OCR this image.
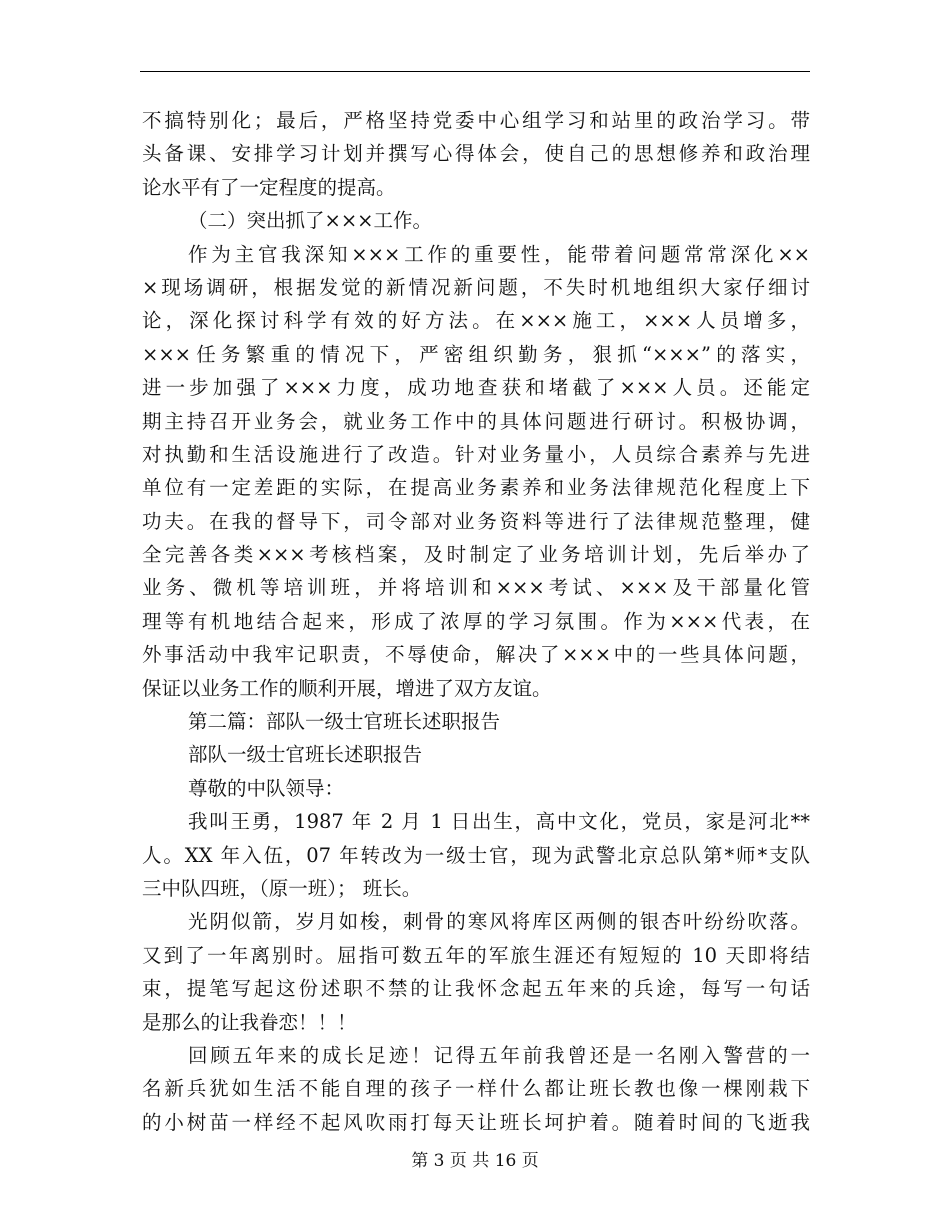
不搞特别化；最后，严格坚持党委中心组学习和站里的政治学习。带
头备课、安排学习计划并撰写心得体会，使自己的思想修养和政治理
论水平有了一定程度的提高。
（二）突出抓了×××工作。
作为主官我深知×××工作的重要性，能带着问题常常深化××
×现场调研，根据发觉的新情况新问题，不失时机地组织大家仔细讨
论，深化探讨科学有效的好方法。在×××施工，×××人员增多，
×××任务繁重的情况下，严密组织勤务，狠抓“×××”的落实，
进一步加强了×××力度，成功地查获和堵截了×××人员。还能定
期主持召开业务会，就业务工作中的具体问题进行研讨。积极协调，
对执勤和生活设施进行了改造。针对业务量小，人员综合素养与先进
单位有一定差距的实际，在提高业务素养和业务法律规范化程度上下
功夫。在我的督导下，司令部对业务资料等进行了法律规范整理，健
全完善各类×××考核档案，及时制定了业务培训计划，先后举办了
业务、微机等培训班，并将培训和×××考试、×××及干部量化管
理等有机地结合起来，形成了浓厚的学习氛围。作为×××代表，在
外事活动中我牢记职责，不辱使命，解决了×××中的一些具体问题，
保证以业务工作的顺利开展，增进了双方友谊。
第二篇：部队一级士官班长述职报告
部队一级士官班长述职报告
尊敬的中队领导：
我叫王勇，1987 年 2 月 1 日出生，高中文化，党员，家是河北**
人。XX 年入伍，07 年转改为一级士官，现为武警北京总队第*师*支队
三中队四班，（原一班）； 班长。
光阴似箭，岁月如梭，刺骨的寒风将库区两侧的银杏叶纷纷吹落。
又到了一年离别时。屈指可数五年的军旅生涯还有短短的 10 天即将结
束，提笔写起这份述职不禁的让我怀念起五年来的兵途，每写一句话
是那么的让我眷恋！！！
回顾五年来的成长足迹！记得五年前我曾还是一名刚入警营的一
名新兵犹如生活不能自理的孩子一样什么都让班长教也像一棵刚栽下
的小树苗一样经不起风吹雨打每天让班长坷护着。随着时间的飞逝我
第 3 页 共 16 页
